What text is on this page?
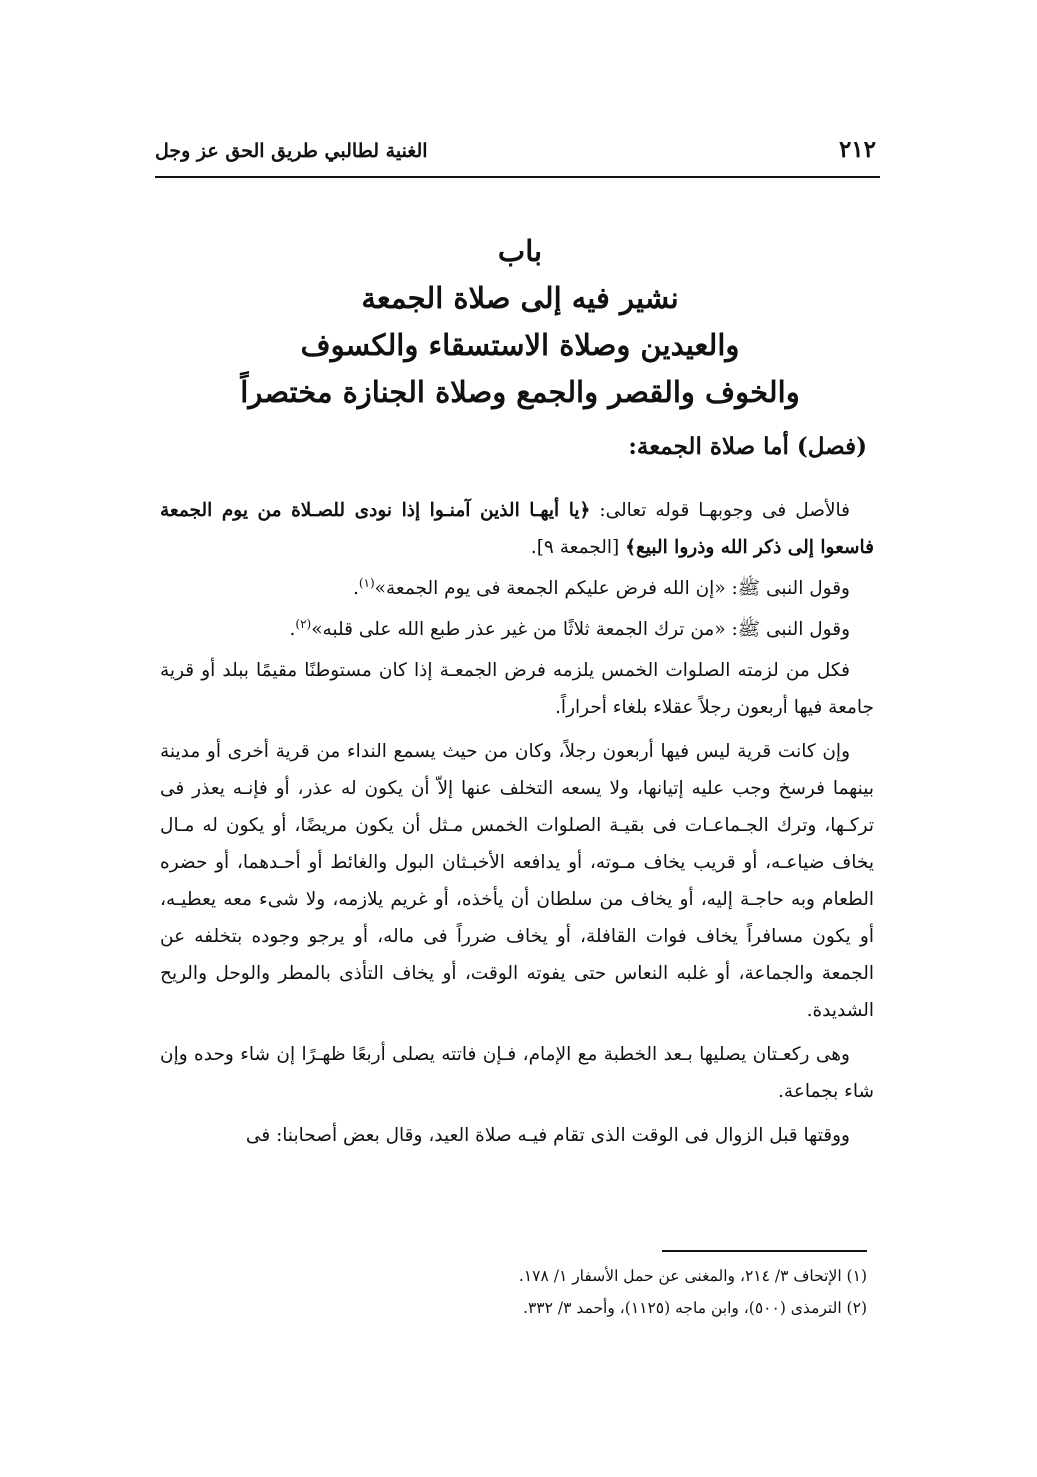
الغنية لطالبي طريق الحق عز وجل	٢١٢
باب
نشير فيه إلى صلاة الجمعة
والعيدين وصلاة الاستسقاء والكسوف
والخوف والقصر والجمع وصلاة الجنازة مختصراً
(فصل) أما صلاة الجمعة:

فالأصل فى وجوبهـا قوله تعالى: ﴿يا أيهـا الذين آمنـوا إذا نودى للصـلاة من يوم الجمعة فاسعوا إلى ذكر الله وذروا البيع﴾ [الجمعة ٩].

وقول النبى ﷺ: «إن الله فرض عليكم الجمعة فى يوم الجمعة»$^{(١)}$.

وقول النبى ﷺ: «من ترك الجمعة ثلاثًا من غير عذر طبع الله على قلبه»$^{(٢)}$.

فكل من لزمته الصلوات الخمس يلزمه فرض الجمعـة إذا كان مستوطنًا مقيمًا ببلد أو قرية جامعة فيها أربعون رجلاً عقلاء بلغاء أحراراً.

وإن كانت قرية ليس فيها أربعون رجلاً، وكان من حيث يسمع النداء من قرية أخرى أو مدينة بينهما فرسخ وجب عليه إتيانها، ولا يسعه التخلف عنها إلاّ أن يكون له عذر، أو فإنـه يعذر فى تركـها، وترك الجـماعـات فى بقيـة الصلوات الخمس مـثل أن يكون مريضًا، أو يكون له مـال يخاف ضياعـه، أو قريب يخاف مـوته، أو يدافعه الأخبـثان البول والغائط أو أحـدهما، أو حضره الطعام وبه حاجـة إليه، أو يخاف من سلطان أن يأخذه، أو غريم يلازمه، ولا شىء معه يعطيـه، أو يكون مسافراً يخاف فوات القافلة، أو يخاف ضرراً فى ماله، أو يرجو وجوده بتخلفه عن الجمعة والجماعة، أو غلبه النعاس حتى يفوته الوقت، أو يخاف التأذى بالمطر والوحل والريح الشديدة.

وهى ركعـتان يصليها بـعد الخطبة مع الإمام، فـإن فاتته يصلى أربعًا ظهـرًا إن شاء وحده وإن شاء بجماعة.

ووقتها قبل الزوال فى الوقت الذى تقام فيـه صلاة العيد، وقال بعض أصحابنا: فى

(١) الإتحاف ٣/ ٢١٤، والمغنى عن حمل الأسفار ١/ ١٧٨.
(٢) الترمذى (٥٠٠)، وابن ماجه (١١٢٥)، وأحمد ٣/ ٣٣٢.
